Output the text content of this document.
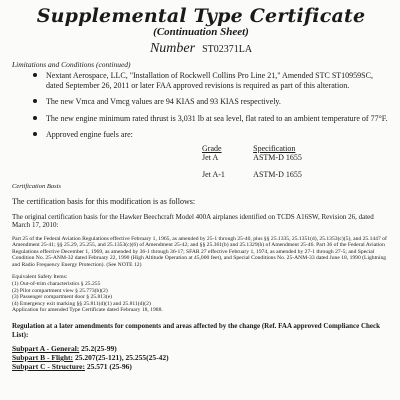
Supplemental Type Certificate
(Continuation Sheet)
Number ST02371LA
Limitations and Conditions (continued)
Nextant Aerospace, LLC, "Installation of Rockwell Collins Pro Line 21," Amended STC ST10959SC, dated September 26, 2011 or later FAA approved revisions is required as part of this alteration.
The new Vmca and Vmcg values are 94 KIAS and 93 KIAS respectively.
The new engine minimum rated thrust is 3,031 lb at sea level, flat rated to an ambient temperature of 77°F.
Approved engine fuels are:
Grade	Specification
Jet A	ASTM-D 1655

Jet A-1	ASTM-D 1655
Certification Basis

The certification basis for this modification is as follows:

The original certification basis for the Hawker Beechcraft Model 400A airplanes identified on TCDS A16SW, Revision 26, dated March 17, 2010:

Part 25 of the Federal Aviation Regulations effective February 1, 1965, as amended by 25-1 through 25-40, plus §§ 25.1335, 25.1351(d), 25.1353(c)(5), and 25.1447 of Amendment 25-41; §§ 25.29, 25.255, and 25.1353(c)(6) of Amendment 25-42; and §§ 25.361(b) and 25.1329(h) of Amendment 25-46. Part 36 of the Federal Aviation Regulations effective December 1, 1969, as amended by 36-1 through 36-17; SFAR 27 effective February 1, 1974, as amended by 27-1 through 27-5; and Special Condition No. 25-ANM-32 dated February 22, 1990 (High Altitude Operation at 45,000 feet), and Special Conditions No. 25-ANM-33 dated June 18, 1990 (Lightning and Radio Frequency Energy Protection). (See NOTE 12)

Equivalent Safety Items:
(1) Out-of-trim characteristics § 25.255
(2) Pilot compartment view § 25.773(b)(2)
(3) Passenger compartment door § 25.813(e)
(4) Emergency exit marking §§ 25.811(d)(1) and 25.811(d)(2)
Application for amended Type Certificate dated February 18, 1988.

Regulation at a later amendments for components and areas affected by the change (Ref. FAA approved Compliance Check List):

Subpart A - General: 25.2(25-99)
Subpart B - Flight: 25.207(25-121), 25.255(25-42)
Subpart C - Structure: 25.571 (25-96)
